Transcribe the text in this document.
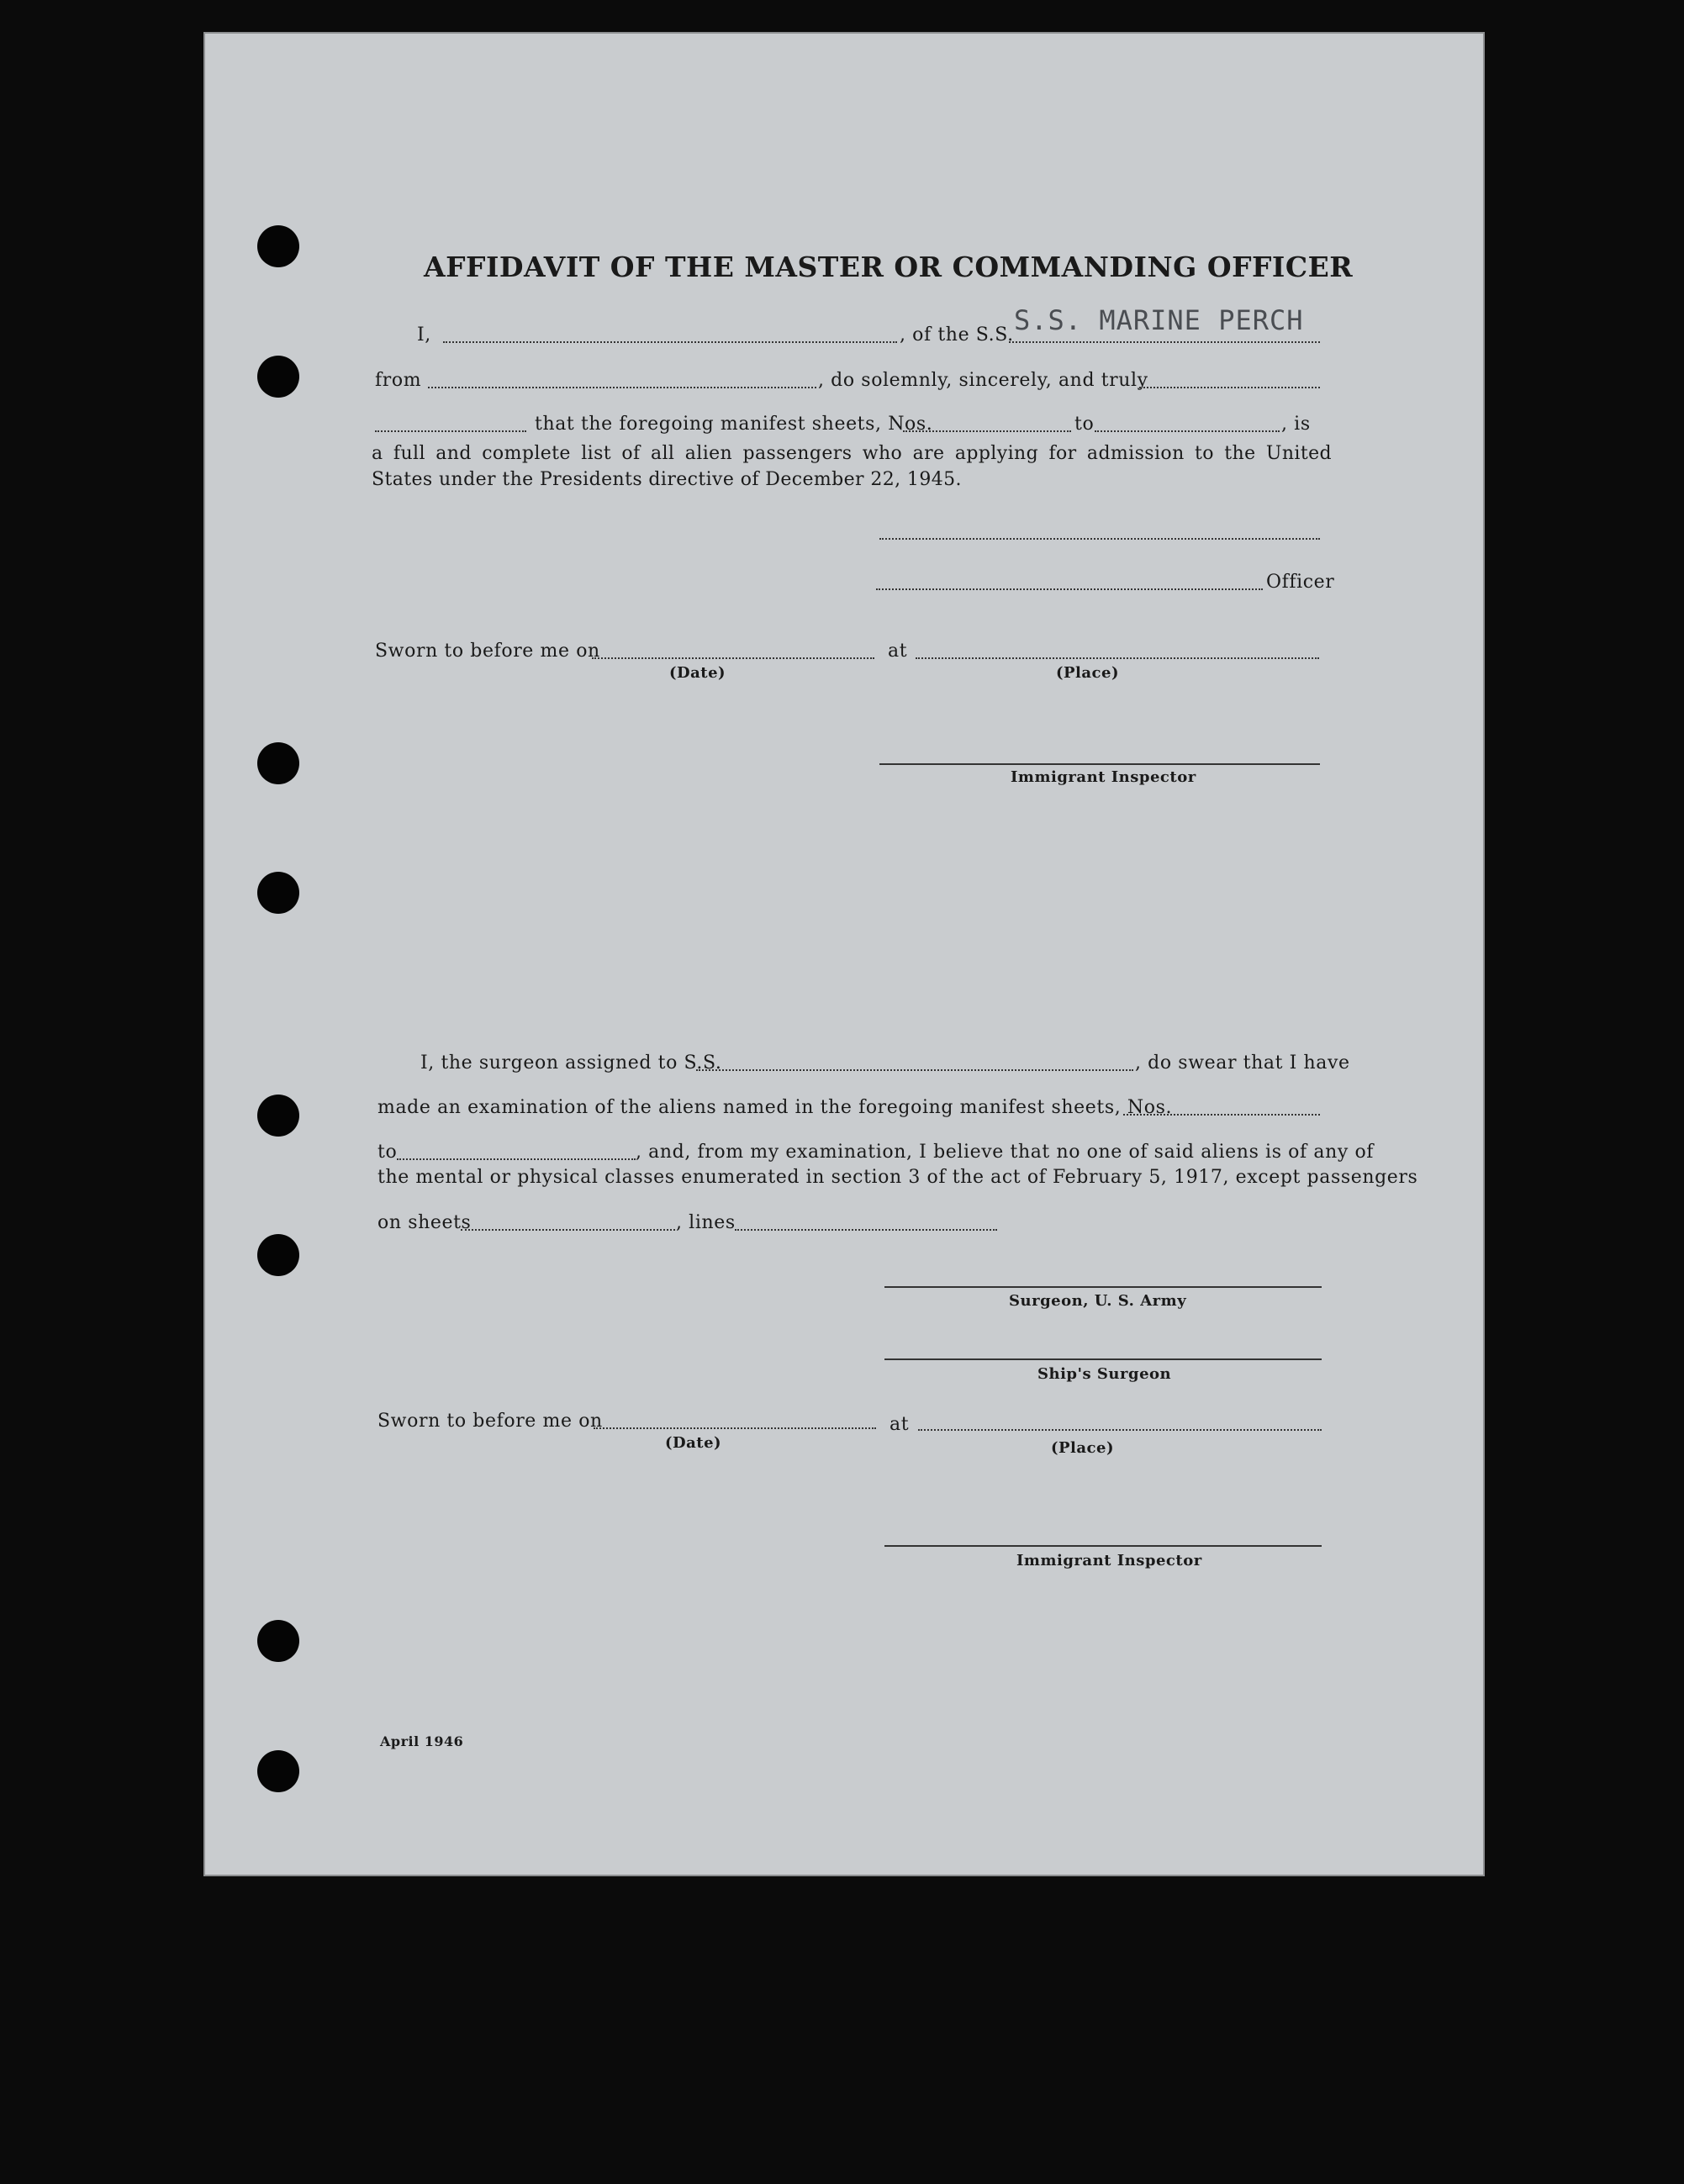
AFFIDAVIT OF THE MASTER OR COMMANDING OFFICER
I,	, of the S.S. S.S. MARINE PERCH
from	, do solemnly, sincerely, and truly
that the foregoing manifest sheets, Nos.	to	, is
a full and complete list of all alien passengers who are applying for admission to the United States under the Presidents directive of December 22, 1945.
Officer
Sworn to before me on	at
(Date)	(Place)
Immigrant Inspector
I, the surgeon assigned to S.S.	, do swear that I have
made an examination of the aliens named in the foregoing manifest sheets, Nos.
to	, and, from my examination, I believe that no one of said aliens is of any of
the mental or physical classes enumerated in section 3 of the act of February 5, 1917, except passengers
on sheets	, lines
Surgeon, U. S. Army
Ship's Surgeon
Sworn to before me on	at
(Date)	(Place)
Immigrant Inspector
April 1946
